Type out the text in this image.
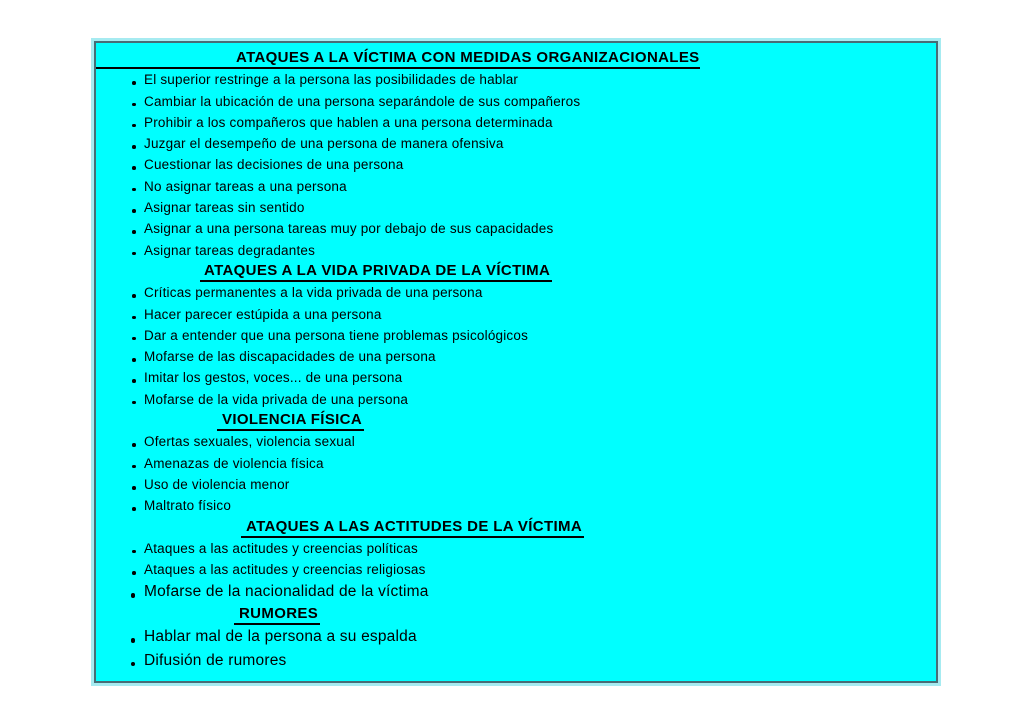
ATAQUES A LA VÍCTIMA CON MEDIDAS ORGANIZACIONALES
El superior restringe a la persona las posibilidades de hablar
Cambiar la ubicación de una persona separándole de sus compañeros
Prohibir a los compañeros que hablen a una persona determinada
Juzgar el desempeño de una persona de manera ofensiva
Cuestionar las decisiones de una persona
No asignar tareas a una persona
Asignar tareas sin sentido
Asignar a una persona tareas muy por debajo de sus capacidades
Asignar tareas degradantes
ATAQUES A LA VIDA PRIVADA DE LA VÍCTIMA
Críticas permanentes a la vida privada de una persona
Hacer parecer estúpida a una persona
Dar a entender que una persona tiene problemas psicológicos
Mofarse de las discapacidades de una persona
Imitar los gestos, voces... de una persona
Mofarse de la vida privada de una persona
VIOLENCIA FÍSICA
Ofertas sexuales, violencia sexual
Amenazas de violencia física
Uso de violencia menor
Maltrato físico
ATAQUES A LAS ACTITUDES DE LA VÍCTIMA
Ataques a las actitudes y creencias políticas
Ataques a las actitudes y creencias religiosas
Mofarse de la nacionalidad de la víctima
RUMORES
Hablar mal de la persona a su espalda
Difusión de rumores
